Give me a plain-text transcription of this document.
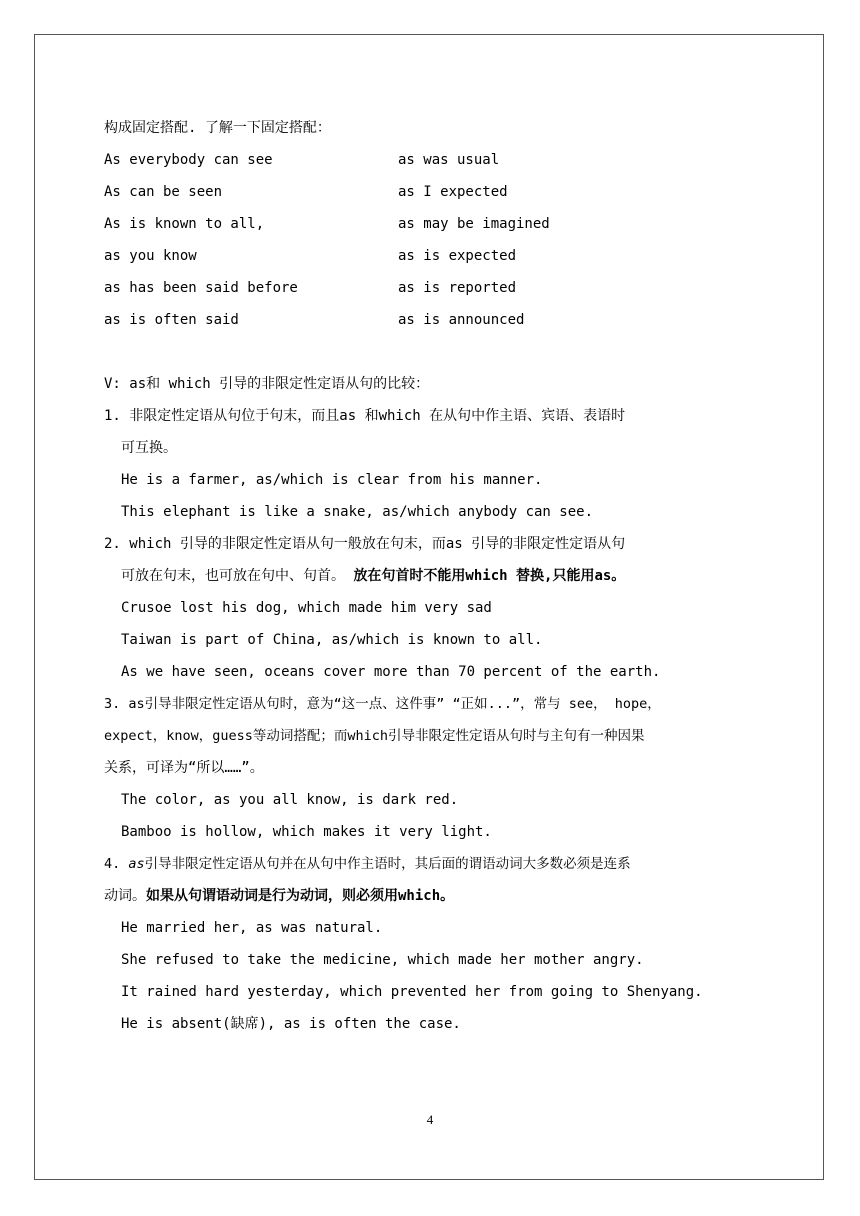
构成固定搭配. 了解一下固定搭配：
As everybody can see	as was usual
As can be seen	as I expected
As is known to all,	as may be imagined
as you know	as is expected
as has been said before	as is reported
as is often said	as is announced
V: as和 which 引导的非限定性定语从句的比较：
1. 非限定性定语从句位于句末，而且as 和which 在从句中作主语、宾语、表语时
可互换。
He is a farmer, as/which is clear from his manner.
This elephant is like a snake, as/which anybody can see.
2. which 引导的非限定性定语从句一般放在句末，而as 引导的非限定性定语从句
可放在句末，也可放在句中、句首。 放在句首时不能用which 替换,只能用as。
Crusoe lost his dog, which made him very sad
Taiwan is part of China, as/which is known to all.
As we have seen, oceans cover more than 70 percent of the earth.
3. as引导非限定性定语从句时，意为“这一点、这件事” “正如...”，常与 see， hope，
expect，know，guess等动词搭配；而which引导非限定性定语从句时与主句有一种因果
关系，可译为“所以……”。
The color, as you all know, is dark red.
Bamboo is hollow, which makes it very light.
4. as引导非限定性定语从句并在从句中作主语时，其后面的谓语动词大多数必须是连系
动词。如果从句谓语动词是行为动词，则必须用which。
He married her, as was natural.
She refused to take the medicine, which made her mother angry.
It rained hard yesterday, which prevented her from going to Shenyang.
He is absent(缺席), as is often the case.
4
